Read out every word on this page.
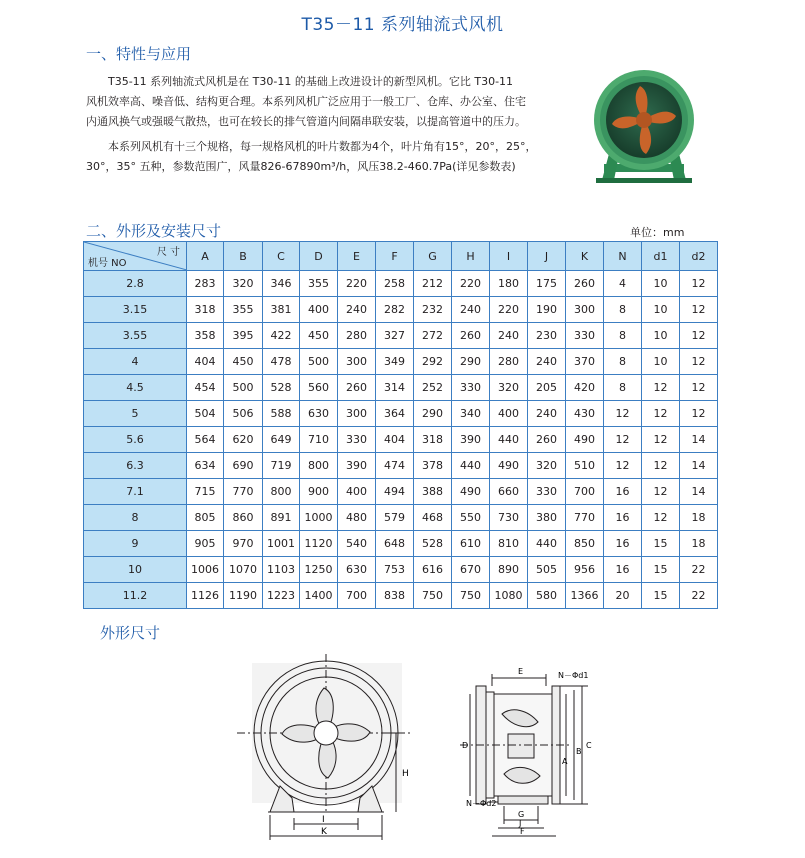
T35－11 系列轴流式风机
一、特性与应用

T35-11 系列轴流式风机是在 T30-11 的基础上改进设计的新型风机。它比 T30-11

风机效率高、噪音低、结构更合理。本系列风机广泛应用于一般工厂、仓库、办公室、住宅

内通风换气或强暖气散热，也可在较长的排气管道内间隔串联安装，以提高管道中的压力。

本系列风机有十三个规格，每一规格风机的叶片数都为4个，叶片角有15°，20°，25°，

30°，35° 五种，参数范围广，风量826-67890m³/h，风压38.2-460.7Pa(详见参数表)

二、外形及安装尺寸	单位：mm
尺 寸
机号 NO	A	B	C	D	E	F	G	H	I	J	K	N	d1	d2
2.8	283	320	346	355	220	258	212	220	180	175	260	4	10	12
3.15	318	355	381	400	240	282	232	240	220	190	300	8	10	12
3.55	358	395	422	450	280	327	272	260	240	230	330	8	10	12
4	404	450	478	500	300	349	292	290	280	240	370	8	10	12
4.5	454	500	528	560	260	314	252	330	320	205	420	8	12	12
5	504	506	588	630	300	364	290	340	400	240	430	12	12	12
5.6	564	620	649	710	330	404	318	390	440	260	490	12	12	14
6.3	634	690	719	800	390	474	378	440	490	320	510	12	12	14
7.1	715	770	800	900	400	494	388	490	660	330	700	16	12	14
8	805	860	891	1000	480	579	468	550	730	380	770	16	12	18
9	905	970	1001	1120	540	648	528	610	810	440	850	16	15	18
10	1006	1070	1103	1250	630	753	616	670	890	505	956	16	15	22
11.2	1126	1190	1223	1400	700	838	750	750	1080	580	1366	20	15	22
外形尺寸
H
I
K
E	N－Φd1
N－Φd2
D
A
B
C
G
J
F
